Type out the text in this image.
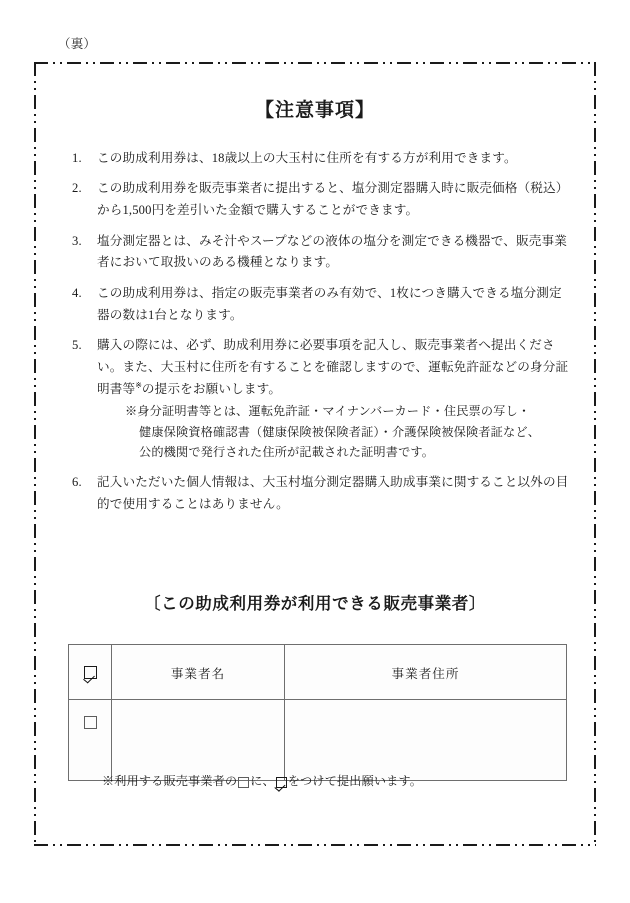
（裏）
【注意事項】
1.	この助成利用券は、18歳以上の大玉村に住所を有する方が利用できます。
2.	この助成利用券を販売事業者に提出すると、塩分測定器購入時に販売価格（税込）から1,500円を差引いた金額で購入することができます。
3.	塩分測定器とは、みそ汁やスープなどの液体の塩分を測定できる機器で、販売事業者において取扱いのある機種となります。
4.	この助成利用券は、指定の販売事業者のみ有効で、1枚につき購入できる塩分測定器の数は1台となります。
5.	購入の際には、必ず、助成利用券に必要事項を記入し、販売事業者へ提出ください。また、大玉村に住所を有することを確認しますので、運転免許証などの身分証明書等※の提示をお願いします。
※身分証明書等とは、運転免許証・マイナンバーカード・住民票の写し・
健康保険資格確認書（健康保険被保険者証）・介護保険被保険者証など、
公的機関で発行された住所が記載された証明書です。
6.	記入いただいた個人情報は、大玉村塩分測定器購入助成事業に関すること以外の目的で使用することはありません。
〔この助成利用券が利用できる販売事業者〕
	事業者名	事業者住所

※利用する販売事業者の に、 をつけて提出願います。
